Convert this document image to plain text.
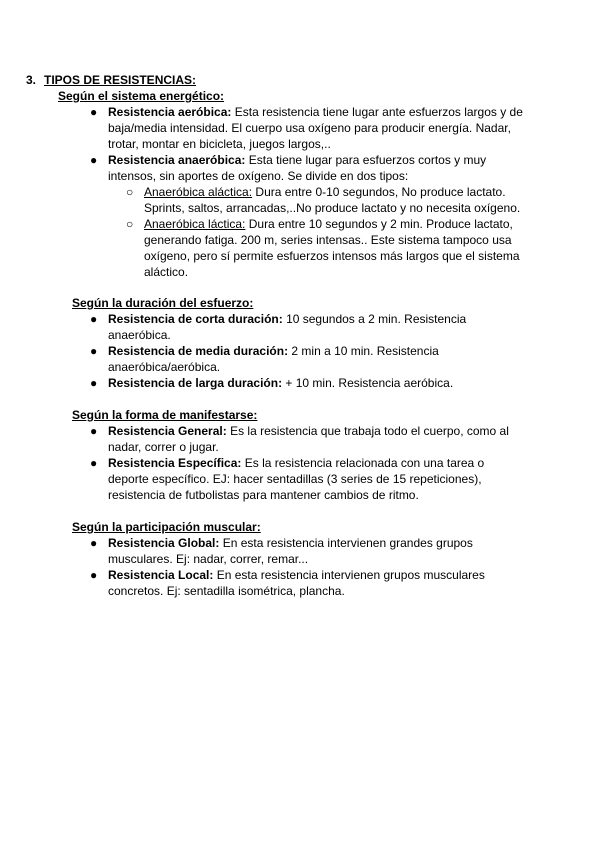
3. TIPOS DE RESISTENCIAS:
Según el sistema energético:
● Resistencia aeróbica: Esta resistencia tiene lugar ante esfuerzos largos y de baja/media intensidad. El cuerpo usa oxígeno para producir energía. Nadar, trotar, montar en bicicleta, juegos largos,..
● Resistencia anaeróbica: Esta tiene lugar para esfuerzos cortos y muy intensos, sin aportes de oxígeno. Se divide en dos tipos:
○ Anaeróbica aláctica: Dura entre 0-10 segundos, No produce lactato. Sprints, saltos, arrancadas,..No produce lactato y no necesita oxígeno.
○ Anaeróbica láctica: Dura entre 10 segundos y 2 min. Produce lactato, generando fatiga. 200 m, series intensas.. Este sistema tampoco usa oxígeno, pero sí permite esfuerzos intensos más largos que el sistema aláctico.
Según la duración del esfuerzo:
● Resistencia de corta duración: 10 segundos a 2 min. Resistencia anaeróbica.
● Resistencia de media duración: 2 min a 10 min. Resistencia anaeróbica/aeróbica.
● Resistencia de larga duración: + 10 min. Resistencia aeróbica.
Según la forma de manifestarse:
● Resistencia General: Es la resistencia que trabaja todo el cuerpo, como al nadar, correr o jugar.
● Resistencia Específica: Es la resistencia relacionada con una tarea o deporte específico. EJ: hacer sentadillas (3 series de 15 repeticiones), resistencia de futbolistas para mantener cambios de ritmo.
Según la participación muscular:
● Resistencia Global: En esta resistencia intervienen grandes grupos musculares. Ej: nadar, correr, remar...
● Resistencia Local: En esta resistencia intervienen grupos musculares concretos. Ej: sentadilla isométrica, plancha.
